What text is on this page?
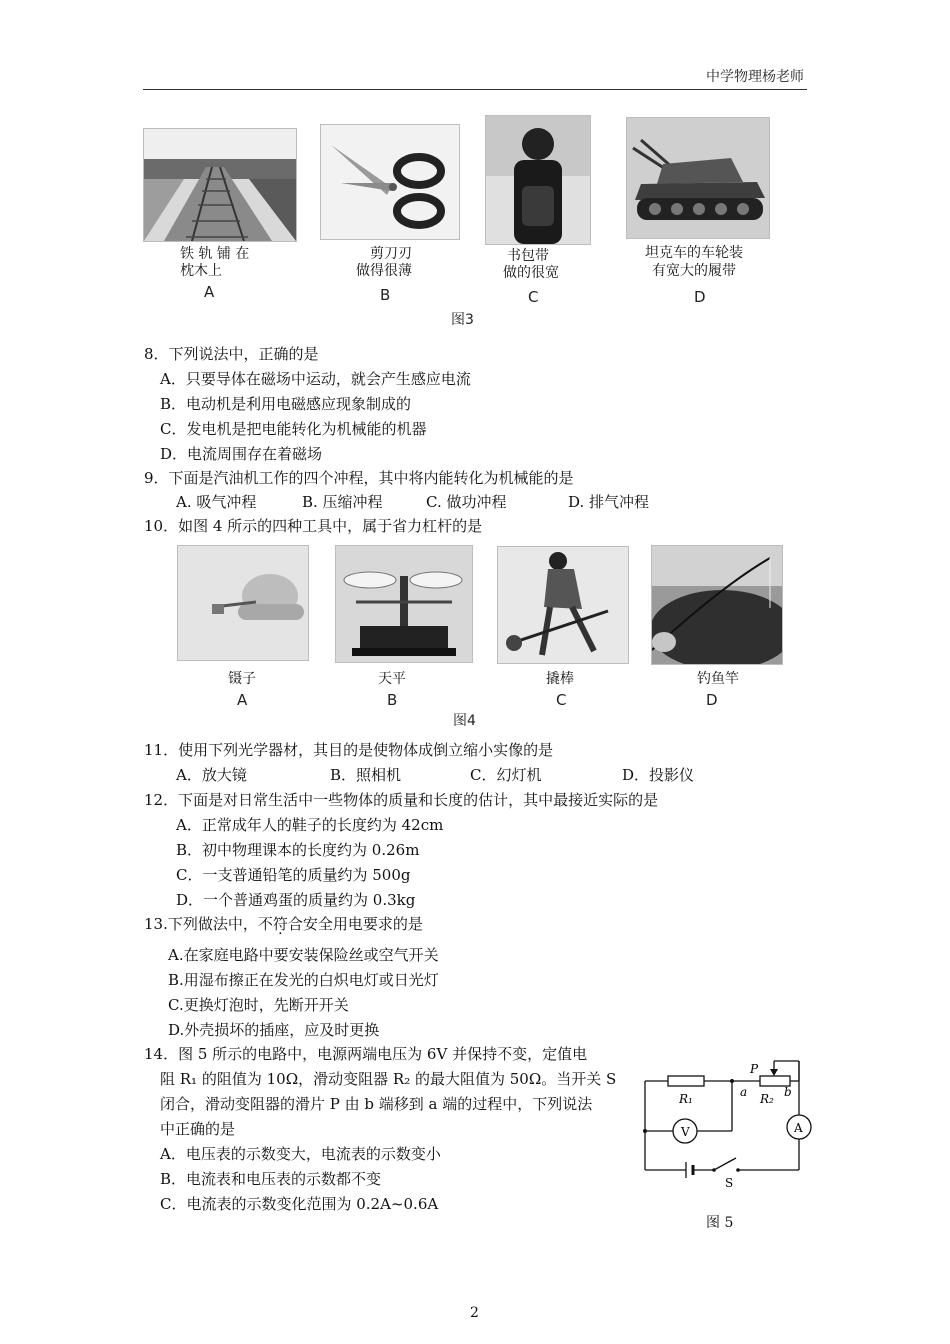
中学物理杨老师
铁 轨 铺 在
枕木上
A
剪刀刃
做得很薄
B
书包带
做的很宽
C
坦克车的车轮装
有宽大的履带
D
图3
8．下列说法中，正确的是
A．只要导体在磁场中运动，就会产生感应电流
B．电动机是利用电磁感应现象制成的
C．发电机是把电能转化为机械能的机器
D．电流周围存在着磁场
9．下面是汽油机工作的四个冲程，其中将内能转化为机械能的是
A. 吸气冲程	B. 压缩冲程	C. 做功冲程	D. 排气冲程
10．如图 4 所示的四种工具中，属于省力杠杆的是
镊子
A
天平
B
撬棒
C
钓鱼竿
D
图4
11．使用下列光学器材，其目的是使物体成倒立缩小实像的是
A．放大镜	B．照相机	C．幻灯机	D．投影仪
12．下面是对日常生活中一些物体的质量和长度的估计，其中最接近实际的是
A．正常成年人的鞋子的长度约为 42cm
B．初中物理课本的长度约为 0.26m
C．一支普通铅笔的质量约为 500g
D．一个普通鸡蛋的质量约为 0.3kg
13.下列做法中，不符合安全用电要求的是
A.在家庭电路中要安装保险丝或空气开关
B.用湿布擦正在发光的白炽电灯或日光灯
C.更换灯泡时，先断开开关
D.外壳损坏的插座，应及时更换
14．图 5 所示的电路中，电源两端电压为 6V 并保持不变，定值电
阻 R₁ 的阻值为 10Ω，滑动变阻器 R₂ 的最大阻值为 50Ω。当开关 S
闭合，滑动变阻器的滑片 P 由 b 端移到 a 端的过程中，下列说法
中正确的是
A．电压表的示数变大，电流表的示数变小
B．电流表和电压表的示数都不变
C．电流表的示数变化范围为 0.2A~0.6A
P
R₁	R₂
a	b
V	A
S
图 5
2
